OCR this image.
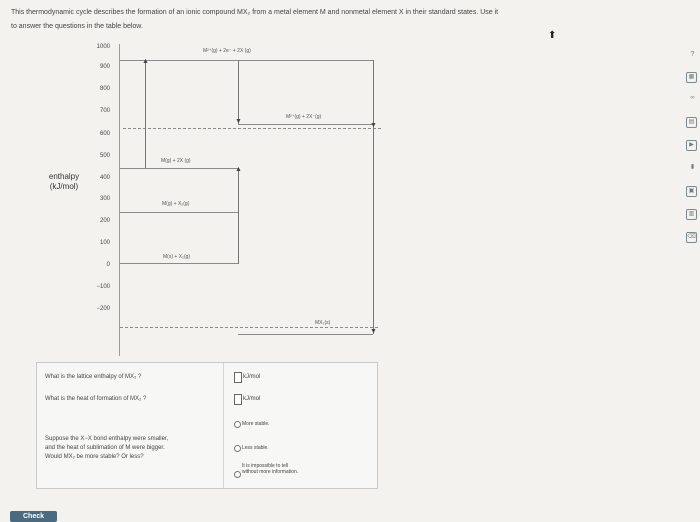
This thermodynamic cycle describes the formation of an ionic compound MX₂ from a metal element M and nonmetal element X in their standard states. Use it
to answer the questions in the table below.
⬆
enthalpy
(kJ/mol)
1000
900
800
700
600
500
400
300
200
100
0
−100
−200
M²⁺(g) + 2e⁻ + 2X (g)
M²⁺(g) + 2X⁻(g)
M(g) + 2X (g)
M(g) + X₂(g)
M(s) + X₂(g)
MX₂(s)
▲
▲
▼
▼
▼
What is the lattice enthalpy of MX₂ ?
What is the heat of formation of MX₂ ?
Suppose the X−X bond enthalpy were smaller,
and the heat of sublimation of M were bigger.
Would MX₂ be more stable? Or less?
kJ/mol
kJ/mol
More stable.
Less stable.
It is impossible to tell without more information.
Check
?
▦
∞
▤
▶
▮
▣
▥
⌫
